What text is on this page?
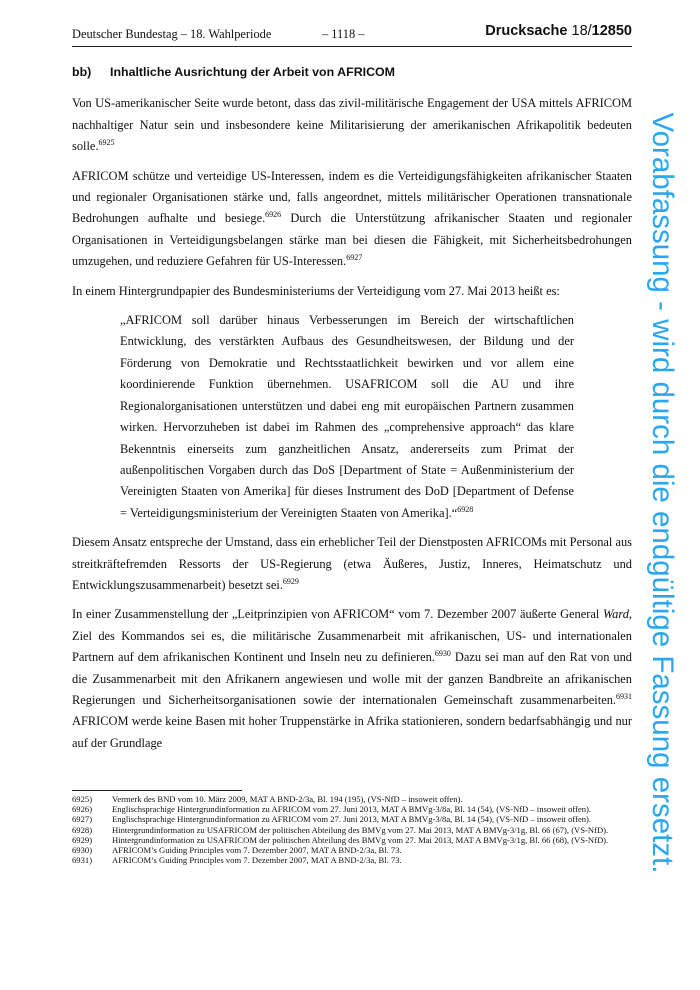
Deutscher Bundestag – 18. Wahlperiode	– 1118 –	Drucksache 18/12850
bb) Inhaltliche Ausrichtung der Arbeit von AFRICOM

Von US-amerikanischer Seite wurde betont, dass das zivil-militärische Engagement der USA mittels AFRICOM nachhaltiger Natur sein und insbesondere keine Militarisierung der amerikanischen Afrikapolitik bedeuten solle.$^{6925}$

AFRICOM schütze und verteidige US-Interessen, indem es die Verteidigungsfähigkeiten afrikanischer Staaten und regionaler Organisationen stärke und, falls angeordnet, mittels militärischer Operationen transnationale Bedrohungen aufhalte und besiege.$^{6926}$ Durch die Unterstützung afrikanischer Staaten und regionaler Organisationen in Verteidigungsbelangen stärke man bei diesen die Fähigkeit, mit Sicherheitsbedrohungen umzugehen, und reduziere Gefahren für US-Interessen.$^{6927}$

In einem Hintergrundpapier des Bundesministeriums der Verteidigung vom 27. Mai 2013 heißt es:

„AFRICOM soll darüber hinaus Verbesserungen im Bereich der wirtschaftlichen Entwicklung, des verstärkten Aufbaus des Gesundheitswesen, der Bildung und der Förderung von Demokratie und Rechtsstaatlichkeit bewirken und vor allem eine koordinierende Funktion übernehmen. USAFRICOM soll die AU und ihre Regionalorganisationen unterstützen und dabei eng mit europäischen Partnern zusammen wirken. Hervorzuheben ist dabei im Rahmen des „comprehensive approach“ das klare Bekenntnis einerseits zum ganzheitlichen Ansatz, andererseits zum Primat der außenpolitischen Vorgaben durch das DoS [Department of State = Außenministerium der Vereinigten Staaten von Amerika] für dieses Instrument des DoD [Department of Defense = Verteidigungsministerium der Vereinigten Staaten von Amerika].“$^{6928}$

Diesem Ansatz entspreche der Umstand, dass ein erheblicher Teil der Dienstposten AFRICOMs mit Personal aus streitkräftefremden Ressorts der US-Regierung (etwa Äußeres, Justiz, Inneres, Heimatschutz und Entwicklungszusammenarbeit) besetzt sei.$^{6929}$

In einer Zusammenstellung der „Leitprinzipien von AFRICOM“ vom 7. Dezember 2007 äußerte General Ward, Ziel des Kommandos sei es, die militärische Zusammenarbeit mit afrikanischen, US- und internationalen Partnern auf dem afrikanischen Kontinent und Inseln neu zu definieren.$^{6930}$ Dazu sei man auf den Rat von und die Zusammenarbeit mit den Afrikanern angewiesen und wolle mit der ganzen Bandbreite an afrikanischen Regierungen und Sicherheitsorganisationen sowie der internationalen Gemeinschaft zusammenarbeiten.$^{6931}$ AFRICOM werde keine Basen mit hoher Truppenstärke in Afrika stationieren, sondern bedarfsabhängig und nur auf der Grundlage

6925)	Vermerk des BND vom 10. März 2009, MAT A BND-2/3a, Bl. 194 (195), (VS-NfD – insoweit offen).
6926)	Englischsprachige Hintergrundinformation zu AFRICOM vom 27. Juni 2013, MAT A BMVg-3/8a, Bl. 14 (54), (VS-NfD – insoweit offen).
6927)	Englischsprachige Hintergrundinformation zu AFRICOM vom 27. Juni 2013, MAT A BMVg-3/8a, Bl. 14 (54), (VS-NfD – insoweit offen).
6928)	Hintergrundinformation zu USAFRICOM der politischen Abteilung des BMVg vom 27. Mai 2013, MAT A BMVg-3/1g, Bl. 66 (67), (VS-NfD).
6929)	Hintergrundinformation zu USAFRICOM der politischen Abteilung des BMVg vom 27. Mai 2013, MAT A BMVg-3/1g, Bl. 66 (68), (VS-NfD).
6930)	AFRICOM’s Guiding Principles vom 7. Dezember 2007, MAT A BND-2/3a, Bl. 73.
6931)	AFRICOM’s Guiding Principles vom 7. Dezember 2007, MAT A BND-2/3a, Bl. 73.	Vorabfassung - wird durch die endgültige Fassung ersetzt.
